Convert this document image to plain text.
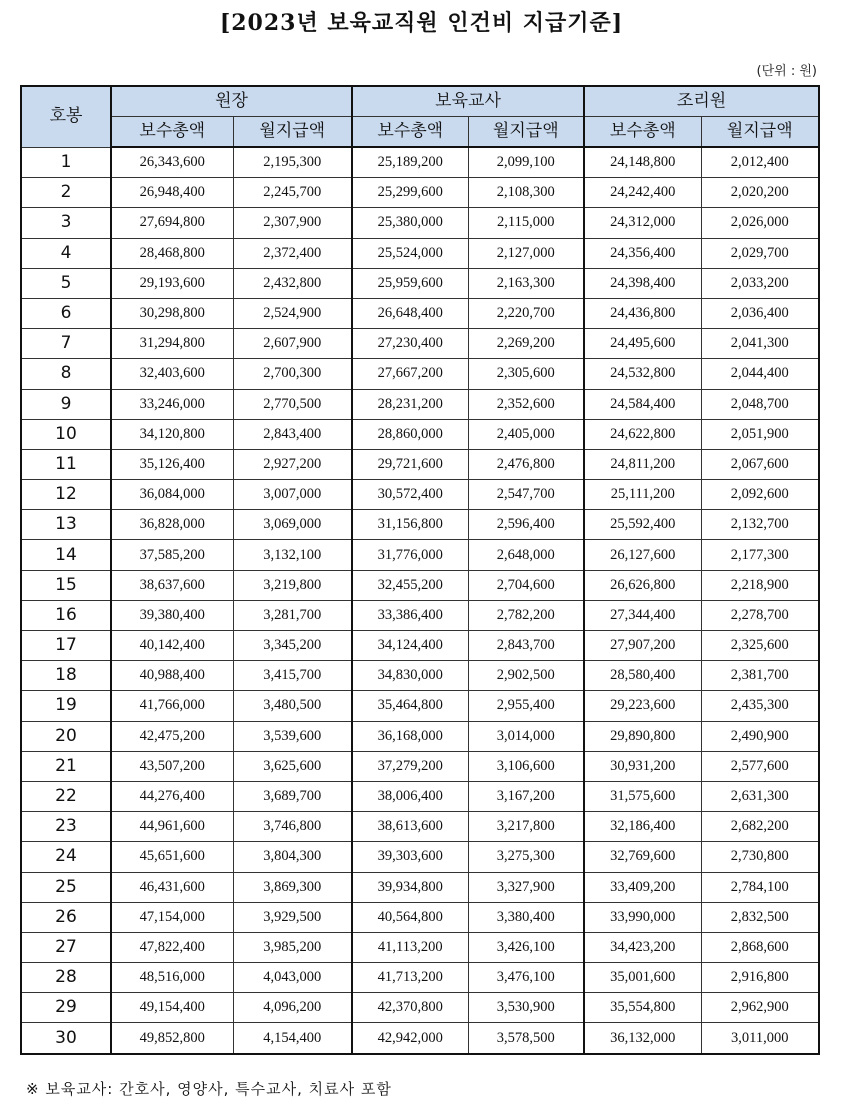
[2023년 보육교직원 인건비 지급기준]
(단위 : 원)
호봉	원장		보육교사		조리원	
	보수총액	월지급액	보수총액	월지급액	보수총액	월지급액
1	26,343,600	2,195,300	25,189,200	2,099,100	24,148,800	2,012,400
2	26,948,400	2,245,700	25,299,600	2,108,300	24,242,400	2,020,200
3	27,694,800	2,307,900	25,380,000	2,115,000	24,312,000	2,026,000
4	28,468,800	2,372,400	25,524,000	2,127,000	24,356,400	2,029,700
5	29,193,600	2,432,800	25,959,600	2,163,300	24,398,400	2,033,200
6	30,298,800	2,524,900	26,648,400	2,220,700	24,436,800	2,036,400
7	31,294,800	2,607,900	27,230,400	2,269,200	24,495,600	2,041,300
8	32,403,600	2,700,300	27,667,200	2,305,600	24,532,800	2,044,400
9	33,246,000	2,770,500	28,231,200	2,352,600	24,584,400	2,048,700
10	34,120,800	2,843,400	28,860,000	2,405,000	24,622,800	2,051,900
11	35,126,400	2,927,200	29,721,600	2,476,800	24,811,200	2,067,600
12	36,084,000	3,007,000	30,572,400	2,547,700	25,111,200	2,092,600
13	36,828,000	3,069,000	31,156,800	2,596,400	25,592,400	2,132,700
14	37,585,200	3,132,100	31,776,000	2,648,000	26,127,600	2,177,300
15	38,637,600	3,219,800	32,455,200	2,704,600	26,626,800	2,218,900
16	39,380,400	3,281,700	33,386,400	2,782,200	27,344,400	2,278,700
17	40,142,400	3,345,200	34,124,400	2,843,700	27,907,200	2,325,600
18	40,988,400	3,415,700	34,830,000	2,902,500	28,580,400	2,381,700
19	41,766,000	3,480,500	35,464,800	2,955,400	29,223,600	2,435,300
20	42,475,200	3,539,600	36,168,000	3,014,000	29,890,800	2,490,900
21	43,507,200	3,625,600	37,279,200	3,106,600	30,931,200	2,577,600
22	44,276,400	3,689,700	38,006,400	3,167,200	31,575,600	2,631,300
23	44,961,600	3,746,800	38,613,600	3,217,800	32,186,400	2,682,200
24	45,651,600	3,804,300	39,303,600	3,275,300	32,769,600	2,730,800
25	46,431,600	3,869,300	39,934,800	3,327,900	33,409,200	2,784,100
26	47,154,000	3,929,500	40,564,800	3,380,400	33,990,000	2,832,500
27	47,822,400	3,985,200	41,113,200	3,426,100	34,423,200	2,868,600
28	48,516,000	4,043,000	41,713,200	3,476,100	35,001,600	2,916,800
29	49,154,400	4,096,200	42,370,800	3,530,900	35,554,800	2,962,900
30	49,852,800	4,154,400	42,942,000	3,578,500	36,132,000	3,011,000
※ 보육교사: 간호사, 영양사, 특수교사, 치료사 포함
